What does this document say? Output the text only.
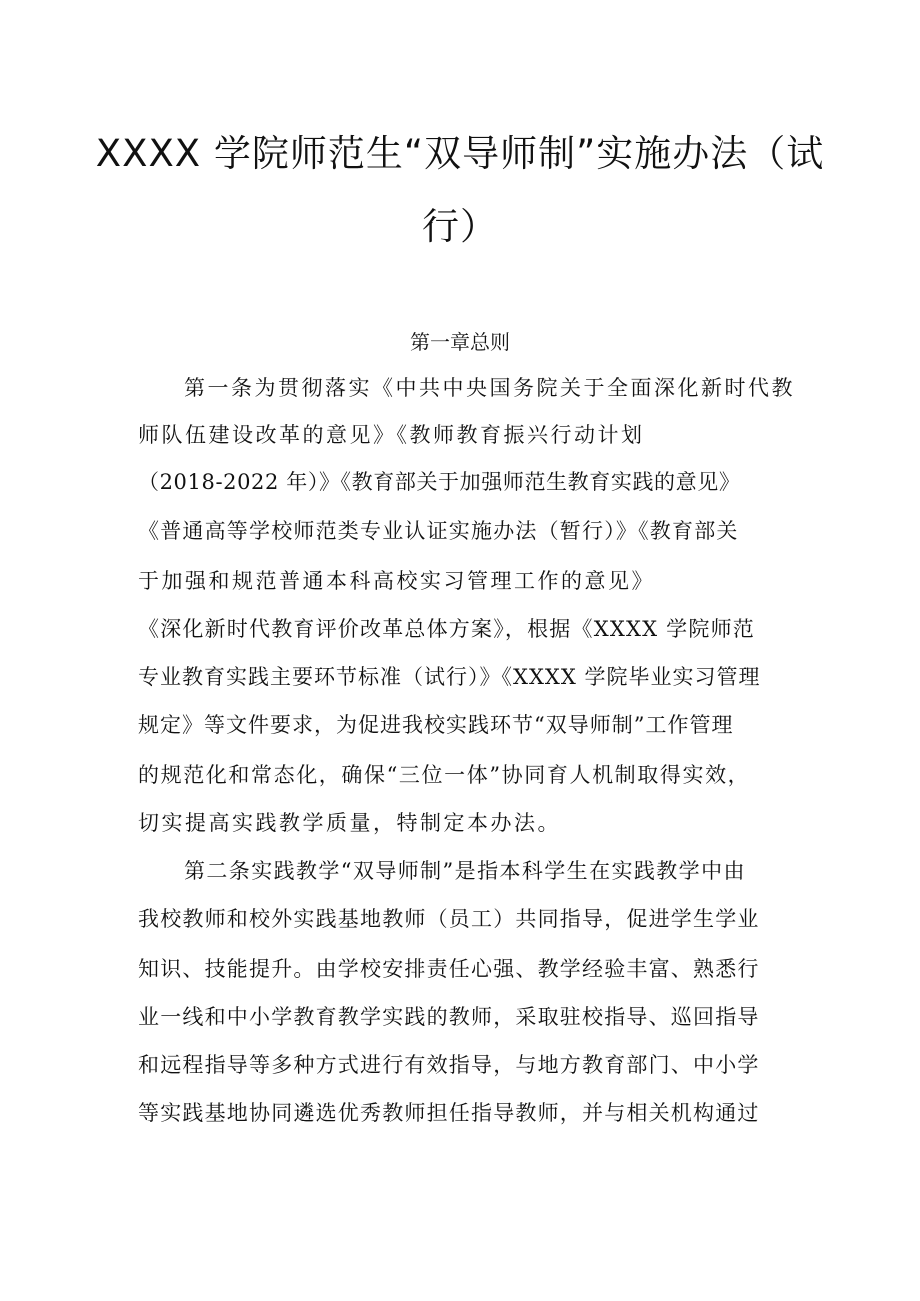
XXXX 学院师范生“双导师制”实施办法（试
行）
第一章总则
第一条为贯彻落实《中共中央国务院关于全面深化新时代教
师队伍建设改革的意见》《教师教育振兴行动计划
（2018-2022 年）》《教育部关于加强师范生教育实践的意见》
《普通高等学校师范类专业认证实施办法（暂行）》《教育部关
于加强和规范普通本科高校实习管理工作的意见》
《深化新时代教育评价改革总体方案》，根据《XXXX 学院师范
专业教育实践主要环节标准（试行）》《XXXX 学院毕业实习管理
规定》等文件要求，为促进我校实践环节“双导师制”工作管理
的规范化和常态化，确保“三位一体”协同育人机制取得实效，
切实提高实践教学质量，特制定本办法。
第二条实践教学“双导师制”是指本科学生在实践教学中由
我校教师和校外实践基地教师（员工）共同指导，促进学生学业
知识、技能提升。由学校安排责任心强、教学经验丰富、熟悉行
业一线和中小学教育教学实践的教师，采取驻校指导、巡回指导
和远程指导等多种方式进行有效指导，与地方教育部门、中小学
等实践基地协同遴选优秀教师担任指导教师，并与相关机构通过
